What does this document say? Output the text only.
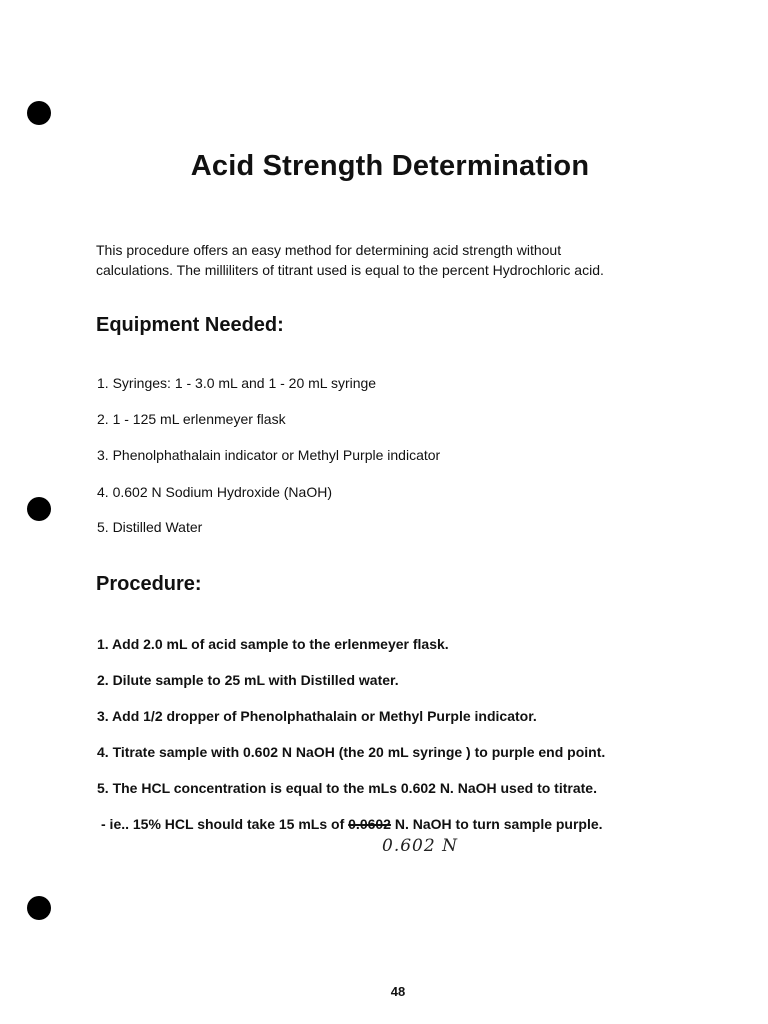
Acid Strength Determination
This procedure offers an easy method for determining acid strength without
calculations. The milliliters of titrant used is equal to the percent Hydrochloric acid.
Equipment Needed:
1. Syringes: 1 - 3.0 mL and 1 - 20 mL syringe
2. 1 - 125 mL erlenmeyer flask
3. Phenolphathalain indicator or Methyl Purple indicator
4. 0.602 N Sodium Hydroxide (NaOH)
5. Distilled Water
Procedure:
1. Add 2.0 mL of acid sample to the erlenmeyer flask.
2. Dilute sample to 25 mL with Distilled water.
3. Add 1/2 dropper of Phenolphathalain or Methyl Purple indicator.
4. Titrate sample with 0.602 N NaOH (the 20 mL syringe ) to purple end point.
5. The HCL concentration is equal to the mLs 0.602 N. NaOH used to titrate.
- ie.. 15% HCL should take 15 mLs of 0.0602 N. NaOH to turn sample purple.
0.602 N
48
